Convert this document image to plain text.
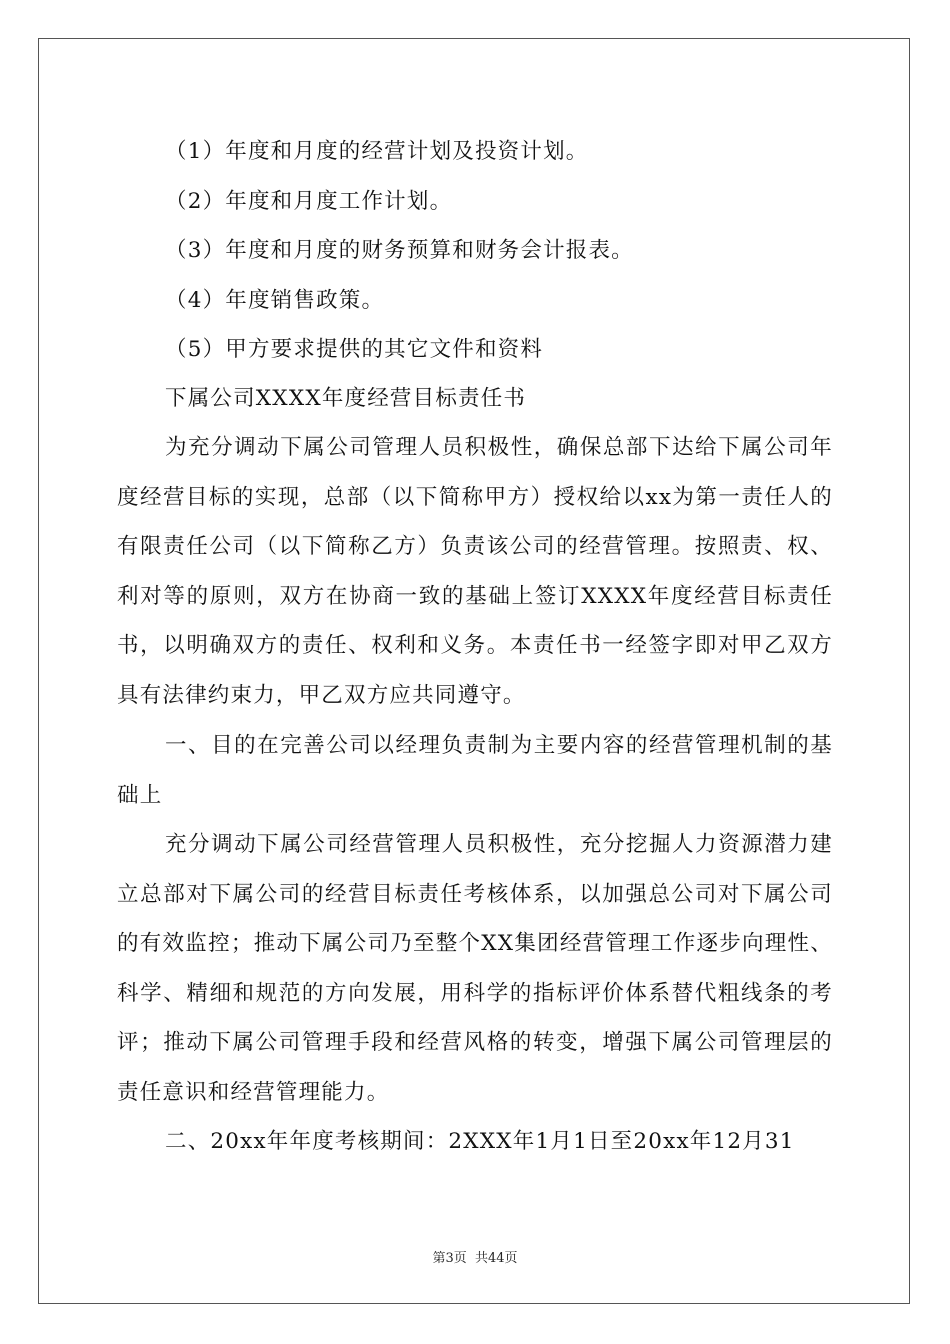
（1）年度和月度的经营计划及投资计划。
（2）年度和月度工作计划。
（3）年度和月度的财务预算和财务会计报表。
（4）年度销售政策。
（5）甲方要求提供的其它文件和资料
下属公司XXXX年度经营目标责任书
为充分调动下属公司管理人员积极性，确保总部下达给下属公司年度经营目标的实现，总部（以下简称甲方）授权给以xx为第一责任人的有限责任公司（以下简称乙方）负责该公司的经营管理。按照责、权、利对等的原则，双方在协商一致的基础上签订XXXX年度经营目标责任书，以明确双方的责任、权利和义务。本责任书一经签字即对甲乙双方具有法律约束力，甲乙双方应共同遵守。
一、目的在完善公司以经理负责制为主要内容的经营管理机制的基础上
充分调动下属公司经营管理人员积极性，充分挖掘人力资源潜力建立总部对下属公司的经营目标责任考核体系，以加强总公司对下属公司的有效监控；推动下属公司乃至整个XX集团经营管理工作逐步向理性、科学、精细和规范的方向发展，用科学的指标评价体系替代粗线条的考评；推动下属公司管理手段和经营风格的转变，增强下属公司管理层的责任意识和经营管理能力。
二、20xx年年度考核期间：2XXX年1月1日至20xx年12月31
第3页 共44页
